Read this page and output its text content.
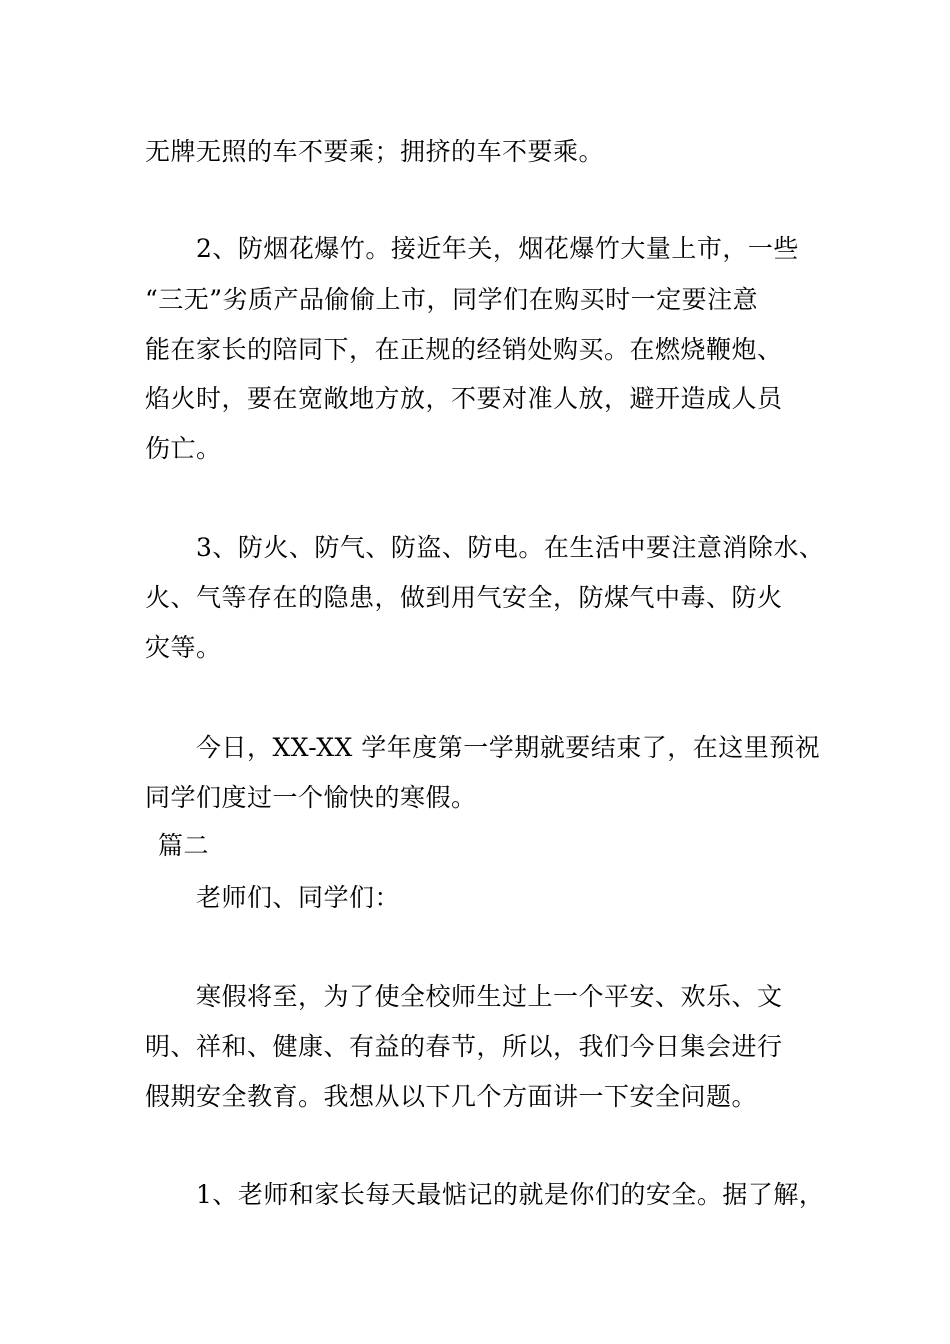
无牌无照的车不要乘；拥挤的车不要乘。
2、防烟花爆竹。接近年关，烟花爆竹大量上市，一些
“三无”劣质产品偷偷上市，同学们在购买时一定要注意
能在家长的陪同下，在正规的经销处购买。在燃烧鞭炮、
焰火时，要在宽敞地方放，不要对准人放，避开造成人员
伤亡。
3、防火、防气、防盗、防电。在生活中要注意消除水、
火、气等存在的隐患，做到用气安全，防煤气中毒、防火
灾等。
今日，XX-XX 学年度第一学期就要结束了，在这里预祝
同学们度过一个愉快的寒假。
篇二
老师们、同学们：
寒假将至，为了使全校师生过上一个平安、欢乐、文
明、祥和、健康、有益的春节，所以，我们今日集会进行
假期安全教育。我想从以下几个方面讲一下安全问题。
1、老师和家长每天最惦记的就是你们的安全。据了解，
